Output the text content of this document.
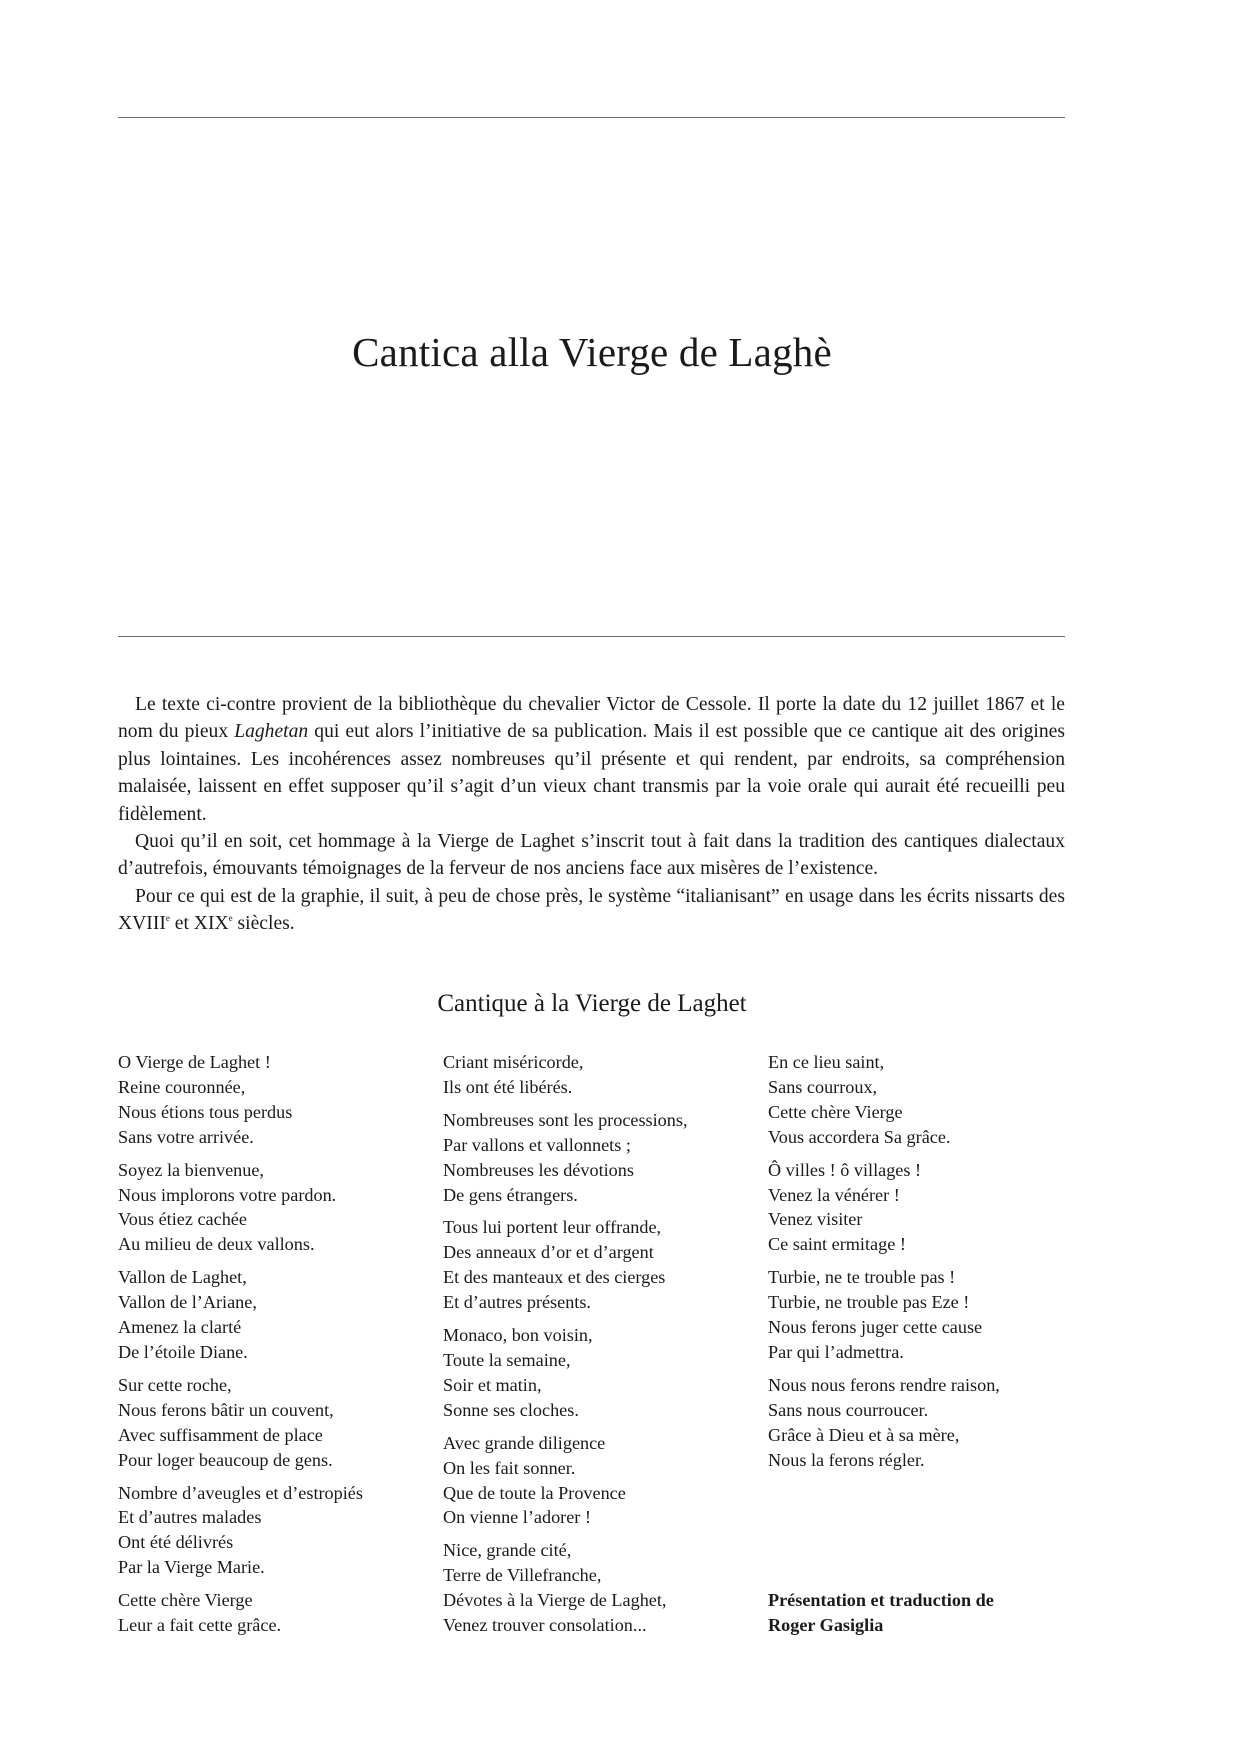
Cantica alla Vierge de Laghè

Le texte ci-contre provient de la bibliothèque du chevalier Victor de Cessole. Il porte la date du 12 juillet 1867 et le nom du pieux Laghetan qui eut alors l’initiative de sa publication. Mais il est possible que ce cantique ait des origines plus lointaines. Les incohérences assez nombreuses qu’il présente et qui rendent, par endroits, sa compréhension malaisée, laissent en effet supposer qu’il s’agit d’un vieux chant transmis par la voie orale qui aurait été recueilli peu fidèlement.

Quoi qu’il en soit, cet hommage à la Vierge de Laghet s’inscrit tout à fait dans la tradition des cantiques dialectaux d’autrefois, émouvants témoignages de la ferveur de nos anciens face aux misères de l’existence.

Pour ce qui est de la graphie, il suit, à peu de chose près, le système “italianisant” en usage dans les écrits nissarts des XVIIIe et XIXe siècles.

Cantique à la Vierge de Laghet
O Vierge de Laghet !
Reine couronnée,
Nous étions tous perdus
Sans votre arrivée.
Soyez la bienvenue,
Nous implorons votre pardon.
Vous étiez cachée
Au milieu de deux vallons.
Vallon de Laghet,
Vallon de l’Ariane,
Amenez la clarté
De l’étoile Diane.
Sur cette roche,
Nous ferons bâtir un couvent,
Avec suffisamment de place
Pour loger beaucoup de gens.
Nombre d’aveugles et d’estropiés
Et d’autres malades
Ont été délivrés
Par la Vierge Marie.
Cette chère Vierge
Leur a fait cette grâce.
Criant miséricorde,
Ils ont été libérés.
Nombreuses sont les processions,
Par vallons et vallonnets ;
Nombreuses les dévotions
De gens étrangers.
Tous lui portent leur offrande,
Des anneaux d’or et d’argent
Et des manteaux et des cierges
Et d’autres présents.
Monaco, bon voisin,
Toute la semaine,
Soir et matin,
Sonne ses cloches.
Avec grande diligence
On les fait sonner.
Que de toute la Provence
On vienne l’adorer !
Nice, grande cité,
Terre de Villefranche,
Dévotes à la Vierge de Laghet,
Venez trouver consolation...
En ce lieu saint,
Sans courroux,
Cette chère Vierge
Vous accordera Sa grâce.
Ô villes ! ô villages !
Venez la vénérer !
Venez visiter
Ce saint ermitage !
Turbie, ne te trouble pas !
Turbie, ne trouble pas Eze !
Nous ferons juger cette cause
Par qui l’admettra.
Nous nous ferons rendre raison,
Sans nous courroucer.
Grâce à Dieu et à sa mère,
Nous la ferons régler.
Présentation et traduction de
Roger Gasiglia
